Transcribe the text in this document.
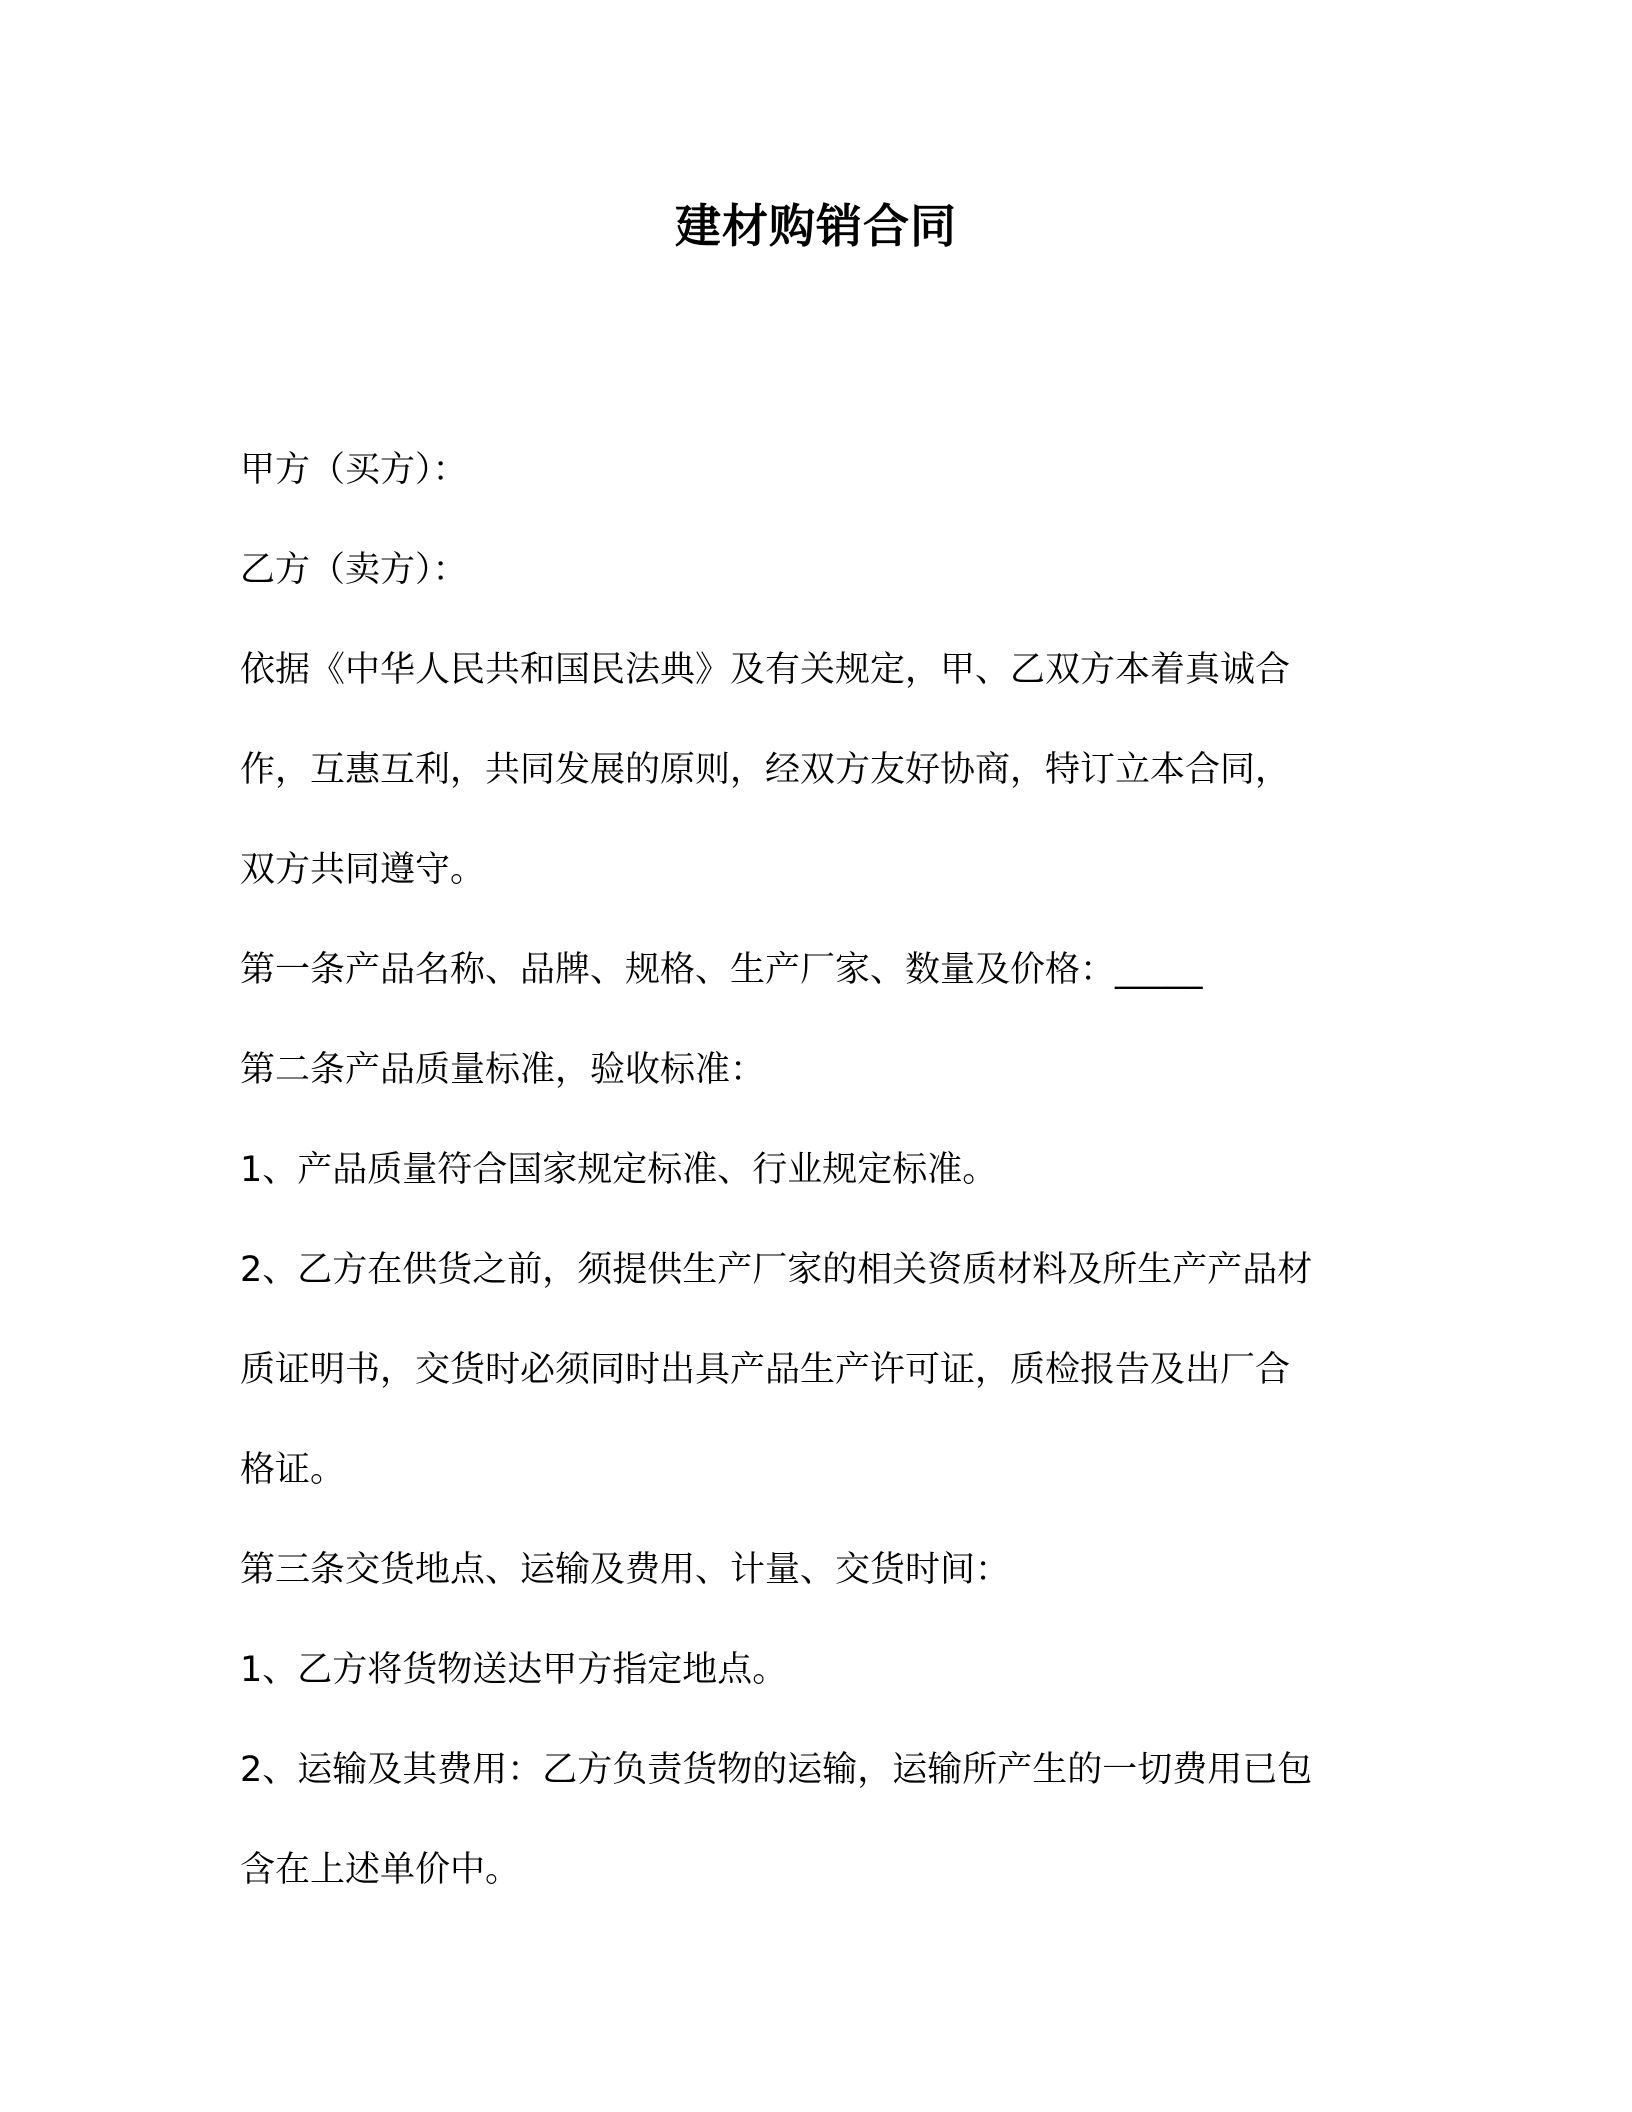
建材购销合同
甲方（买方）：
乙方（卖方）：
依据《中华人民共和国民法典》及有关规定，甲、乙双方本着真诚合
作，互惠互利，共同发展的原则，经双方友好协商，特订立本合同，
双方共同遵守。
第一条产品名称、品牌、规格、生产厂家、数量及价格：_____
第二条产品质量标准，验收标准：
1、产品质量符合国家规定标准、行业规定标准。
2、乙方在供货之前，须提供生产厂家的相关资质材料及所生产产品材
质证明书，交货时必须同时出具产品生产许可证，质检报告及出厂合
格证。
第三条交货地点、运输及费用、计量、交货时间：
1、乙方将货物送达甲方指定地点。
2、运输及其费用：乙方负责货物的运输，运输所产生的一切费用已包
含在上述单价中。
